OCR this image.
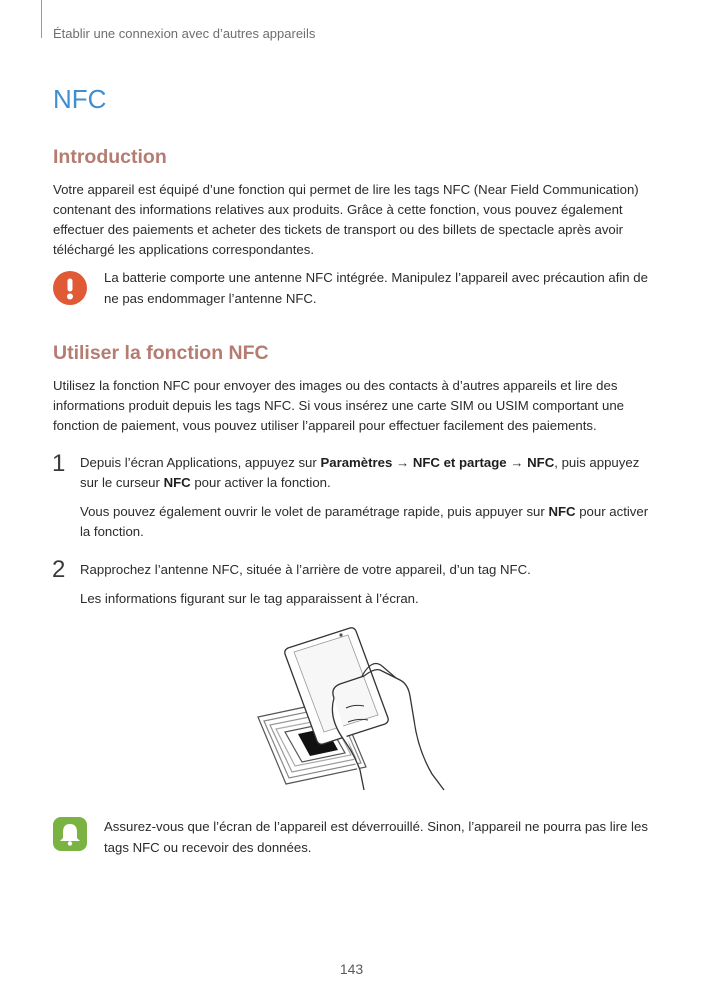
Établir une connexion avec d’autres appareils
NFC
Introduction

Votre appareil est équipé d’une fonction qui permet de lire les tags NFC (Near Field Communication) contenant des informations relatives aux produits. Grâce à cette fonction, vous pouvez également effectuer des paiements et acheter des tickets de transport ou des billets de spectacle après avoir téléchargé les applications correspondantes.

La batterie comporte une antenne NFC intégrée. Manipulez l’appareil avec précaution afin de ne pas endommager l’antenne NFC.
Utiliser la fonction NFC

Utilisez la fonction NFC pour envoyer des images ou des contacts à d’autres appareils et lire des informations produit depuis les tags NFC. Si vous insérez une carte SIM ou USIM comportant une fonction de paiement, vous pouvez utiliser l’appareil pour effectuer facilement des paiements.

1 Depuis l’écran Applications, appuyez sur Paramètres → NFC et partage → NFC, puis appuyez sur le curseur NFC pour activer la fonction.

Vous pouvez également ouvrir le volet de paramétrage rapide, puis appuyer sur NFC pour activer la fonction.

2 Rapprochez l’antenne NFC, située à l’arrière de votre appareil, d’un tag NFC.

Les informations figurant sur le tag apparaissent à l’écran.

Assurez-vous que l’écran de l’appareil est déverrouillé. Sinon, l’appareil ne pourra pas lire les tags NFC ou recevoir des données.
143
